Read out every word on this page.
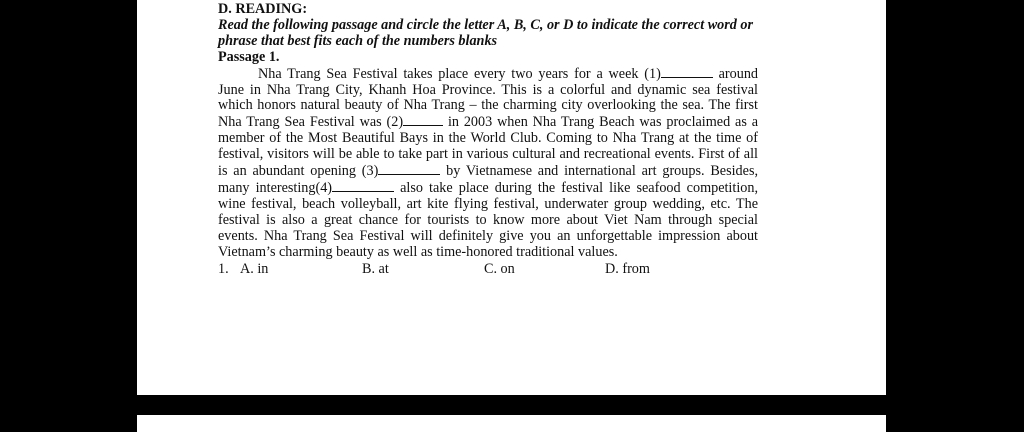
D. READING:
Read the following passage and circle the letter A, B, C, or D to indicate the correct word or phrase that best fits each of the numbers blanks
Passage 1.

Nha Trang Sea Festival takes place every two years for a week (1)	around June in Nha Trang City, Khanh Hoa Province. This is a colorful and dynamic sea festival which honors natural beauty of Nha Trang – the charming city overlooking the sea. The first Nha Trang Sea Festival was (2)	in 2003 when Nha Trang Beach was proclaimed as a member of the Most Beautiful Bays in the World Club. Coming to Nha Trang at the time of festival, visitors will be able to take part in various cultural and recreational events. First of all is an abundant opening (3)	by Vietnamese and international art groups. Besides, many interesting(4)	also take place during the festival like seafood competition, wine festival, beach volleyball, art kite flying festival, underwater group wedding, etc. The festival is also a great chance for tourists to know more about Viet Nam through special events. Nha Trang Sea Festival will definitely give you an unforgettable impression about Vietnam’s charming beauty as well as time-honored traditional values.

1. A. in	B. at	C. on	D. from
